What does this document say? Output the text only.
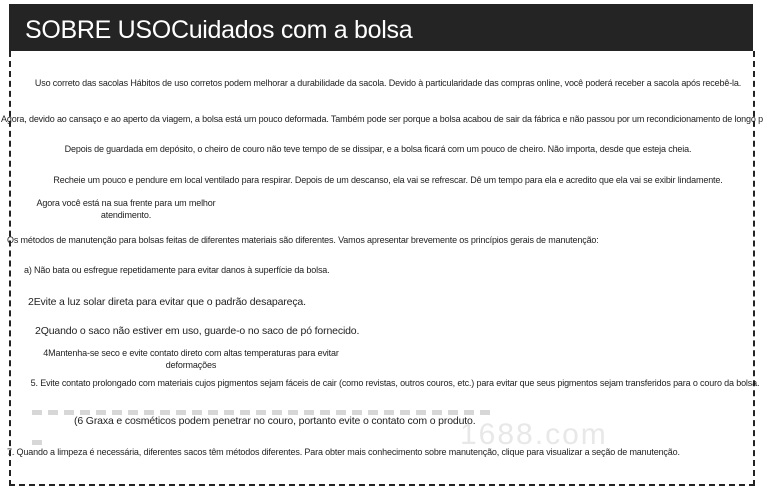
SOBRE USOCuidados com a bolsa

Uso correto das sacolas Hábitos de uso corretos podem melhorar a durabilidade da sacola. Devido à particularidade das compras online, você poderá receber a sacola após recebê-la.

Agora, devido ao cansaço e ao aperto da viagem, a bolsa está um pouco deformada. Também pode ser porque a bolsa acabou de sair da fábrica e não passou por um recondicionamento de longo p

Depois de guardada em depósito, o cheiro de couro não teve tempo de se dissipar, e a bolsa ficará com um pouco de cheiro. Não importa, desde que esteja cheia.

Recheie um pouco e pendure em local ventilado para respirar. Depois de um descanso, ela vai se refrescar. Dê um tempo para ela e acredito que ela vai se exibir lindamente.

Agora você está na sua frente para um melhor atendimento.

Os métodos de manutenção para bolsas feitas de diferentes materiais são diferentes. Vamos apresentar brevemente os princípios gerais de manutenção:

a) Não bata ou esfregue repetidamente para evitar danos à superfície da bolsa.

2Evite a luz solar direta para evitar que o padrão desapareça.

2Quando o saco não estiver em uso, guarde-o no saco de pó fornecido.

4Mantenha-se seco e evite contato direto com altas temperaturas para evitar deformações

5. Evite contato prolongado com materiais cujos pigmentos sejam fáceis de cair (como revistas, outros couros, etc.) para evitar que seus pigmentos sejam transferidos para o couro da bolsa.

1688.com

(6 Graxa e cosméticos podem penetrar no couro, portanto evite o contato com o produto.

7. Quando a limpeza é necessária, diferentes sacos têm métodos diferentes. Para obter mais conhecimento sobre manutenção, clique para visualizar a seção de manutenção.
